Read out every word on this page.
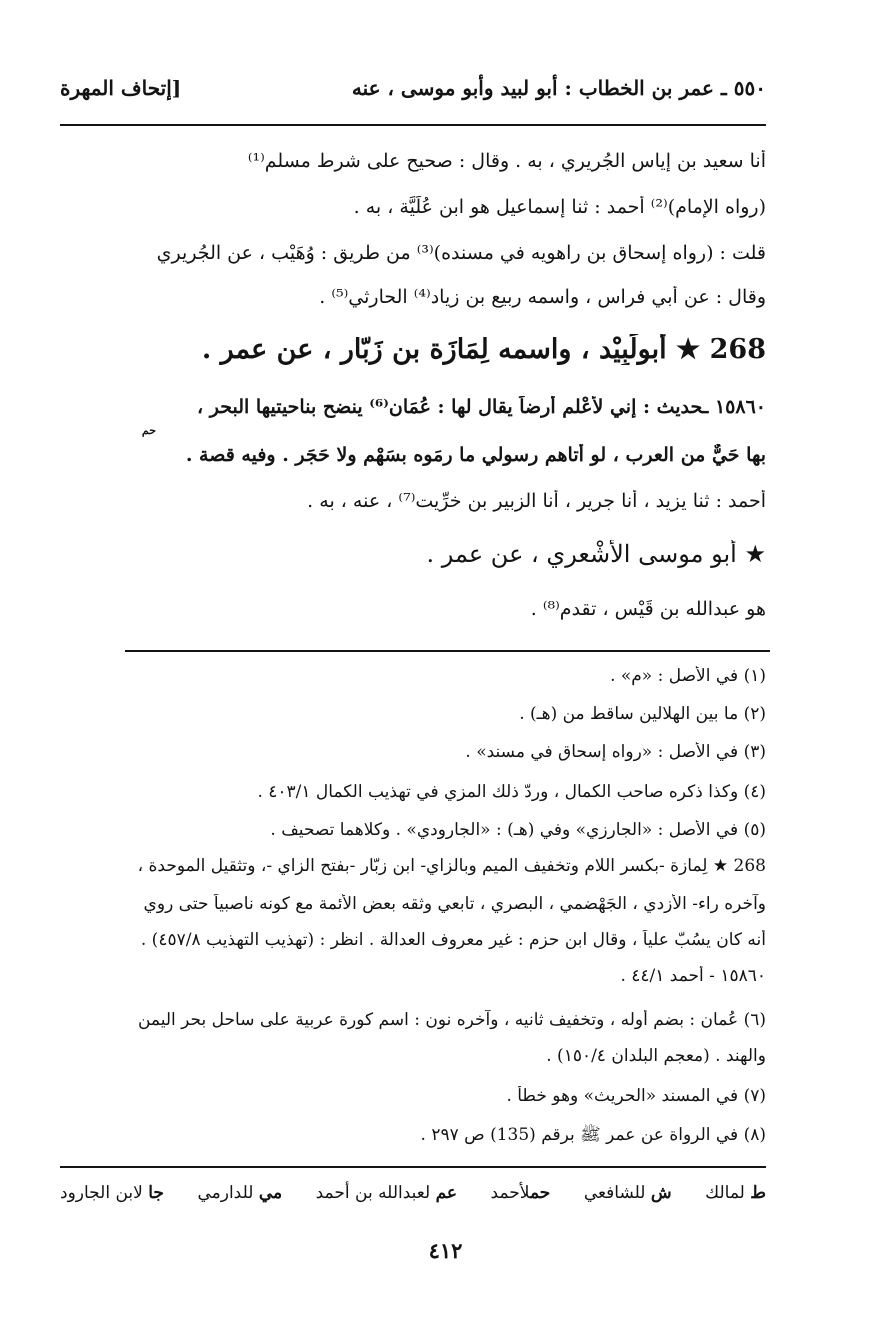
٥٥٠ ـ عمر بن الخطاب : أبو لبيد وأبو موسى ، عنه
[إتحاف المهرة
أنا سعيد بن إياس الجُريري ، به . وقال : صحيح على شرط مسلم⁽¹⁾
(رواه الإمام)⁽²⁾ أحمد : ثنا إسماعيل هو ابن عُلَيَّة ، به .
قلت : (رواه إسحاق بن راهويه في مسنده)⁽³⁾ من طريق : وُهَيْب ، عن الجُريري
وقال : عن أبي فراس ، واسمه ربيع بن زياد⁽⁴⁾ الحارثي⁽⁵⁾ .
268 ★ أبولَبِيْد ، واسمه لِمَازَة بن زَبّار ، عن عمر .
١٥٨٦٠ ـحديث : إني لأعْلم أرضاً يقال لها : عُمَان⁽⁶⁾ ينضح بناحيتيها البحر ،
حم
بها حَيٌّ من العرب ، لو أتاهم رسولي ما رمَوه بسَهْم ولا حَجَر . وفيه قصة .
أحمد : ثنا يزيد ، أنا جرير ، أنا الزبير بن خرِّيت⁽⁷⁾ ، عنه ، به .
★ أبو موسى الأَشْعري ، عن عمر .
هو عبدالله بن قَيْس ، تقدم⁽⁸⁾ .
(١) في الأصل : «م» .
(٢) ما بين الهلالين ساقط من (هـ) .
(٣) في الأصل : «رواه إسحاق في مسند» .
(٤) وكذا ذكره صاحب الكمال ، وردّ ذلك المزي في تهذيب الكمال ٤٠٣/١ .
(٥) في الأصل : «الجارزي» وفي (هـ) : «الجارودي» . وكلاهما تصحيف .
268 ★ لِمازة -بكسر اللام وتخفيف الميم وبالزاي- ابن زبّار -بفتح الزاي -، وتثقيل الموحدة ،
وآخره راء- الأزدي ، الجَهْضمي ، البصري ، تابعي وثقه بعض الأئمة مع كونه ناصبياً حتى روي
أنه كان يسُبّ علياً ، وقال ابن حزم : غير معروف العدالة . انظر : (تهذيب التهذيب ٤٥٧/٨) .
١٥٨٦٠ - أحمد ٤٤/١ .
(٦) عُمان : بضم أوله ، وتخفيف ثانيه ، وآخره نون : اسم كورة عربية على ساحل بحر اليمن
والهند . (معجم البلدان ١٥٠/٤) .
(٧) في المسند «الحريث» وهو خطأ .
(٨) في الرواة عن عمر ﷺ برقم (135) ص ٢٩٧ .
ط لمالك
ش للشافعي
حملأحمد
عم لعبدالله بن أحمد
مي للدارمي
جا لابن الجارود
٤١٢
